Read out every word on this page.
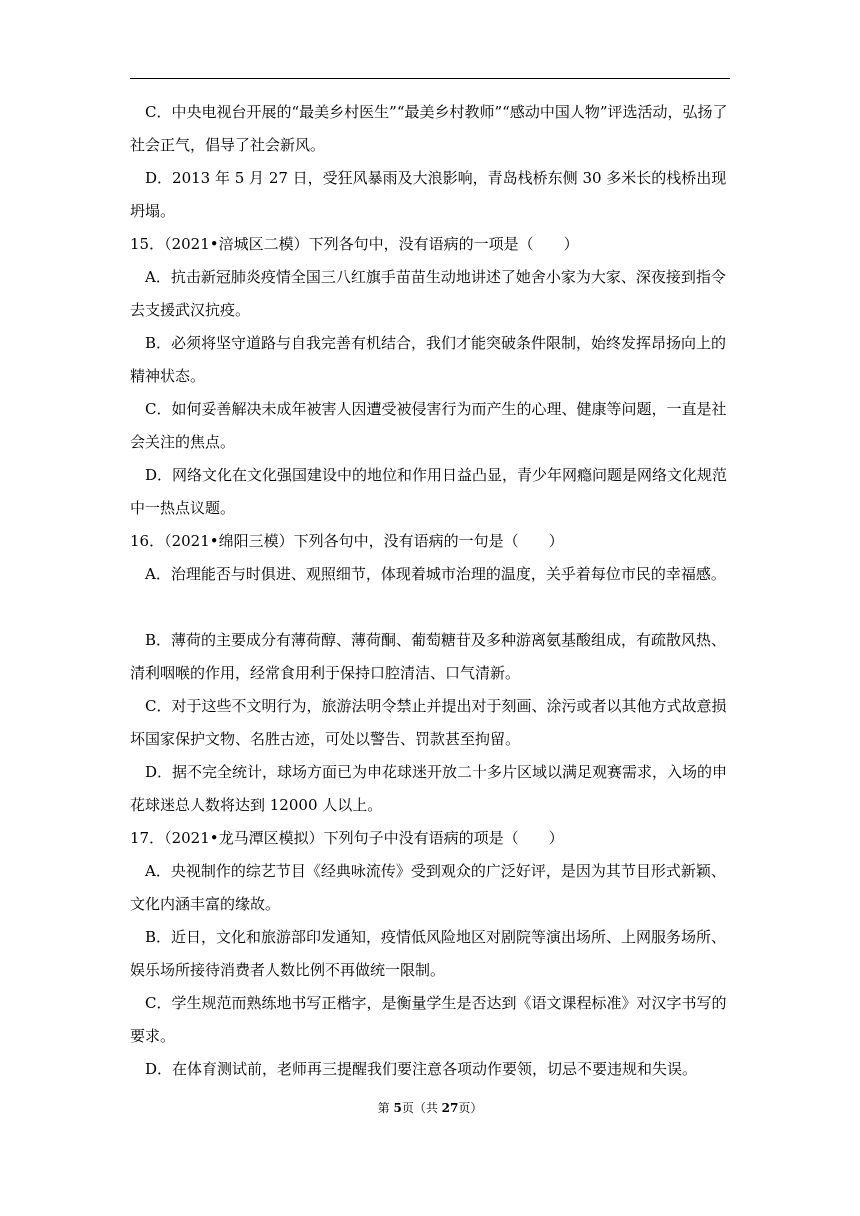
C．中央电视台开展的“最美乡村医生”“最美乡村教师”“感动中国人物”评选活动，弘扬了社会正气，倡导了社会新风。

D．2013 年 5 月 27 日，受狂风暴雨及大浪影响，青岛栈桥东侧 30 多米长的栈桥出现坍塌。

15．（2021•涪城区二模）下列各句中，没有语病的一项是（　　）

A．抗击新冠肺炎疫情全国三八红旗手苗苗生动地讲述了她舍小家为大家、深夜接到指令去支援武汉抗疫。

B．必须将坚守道路与自我完善有机结合，我们才能突破条件限制，始终发挥昂扬向上的精神状态。

C．如何妥善解决未成年被害人因遭受被侵害行为而产生的心理、健康等问题，一直是社会关注的焦点。

D．网络文化在文化强国建设中的地位和作用日益凸显，青少年网瘾问题是网络文化规范中一热点议题。

16．（2021•绵阳三模）下列各句中，没有语病的一句是（　　）

A．治理能否与时俱进、观照细节，体现着城市治理的温度，关乎着每位市民的幸福感。

B．薄荷的主要成分有薄荷醇、薄荷酮、葡萄糖苷及多种游离氨基酸组成，有疏散风热、清利咽喉的作用，经常食用利于保持口腔清洁、口气清新。

C．对于这些不文明行为，旅游法明令禁止并提出对于刻画、涂污或者以其他方式故意损坏国家保护文物、名胜古迹，可处以警告、罚款甚至拘留。

D．据不完全统计，球场方面已为申花球迷开放二十多片区域以满足观赛需求，入场的申花球迷总人数将达到 12000 人以上。

17．（2021•龙马潭区模拟）下列句子中没有语病的项是（　　）

A．央视制作的综艺节目《经典咏流传》受到观众的广泛好评，是因为其节目形式新颖、文化内涵丰富的缘故。

B．近日，文化和旅游部印发通知，疫情低风险地区对剧院等演出场所、上网服务场所、娱乐场所接待消费者人数比例不再做统一限制。

C．学生规范而熟练地书写正楷字，是衡量学生是否达到《语文课程标准》对汉字书写的要求。

D．在体育测试前，老师再三提醒我们要注意各项动作要领，切忌不要违规和失误。

第 5页（共 27页）
